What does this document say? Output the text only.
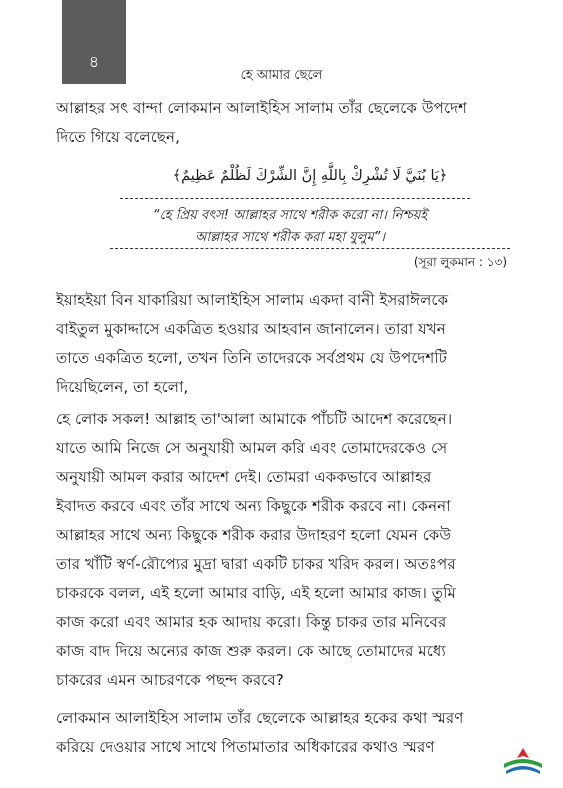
৪
হে আমার ছেলে
আল্লাহর সৎ বান্দা লোকমান আলাইহিস সালাম তাঁর ছেলেকে উপদেশ
দিতে গিয়ে বলেছেন,
﴿يَا بُنَيَّ لَا تُشْرِكْ بِاللَّهِ إِنَّ الشِّرْكَ لَظُلْمٌ عَظِيمٌ﴾
“হে প্রিয় বৎস! আল্লাহর সাথে শরীক করো না। নিশ্চয়ই
আল্লাহর সাথে শরীক করা মহা যুলুম”।
(সূরা লুকমান : ১৩)
ইয়াহইয়া বিন যাকারিয়া আলাইহিস সালাম একদা বানী ইসরাঈলকে
বাইতুল মুকাদ্দাসে একত্রিত হওয়ার আহবান জানালেন। তারা যখন
তাতে একত্রিত হলো, তখন তিনি তাদেরকে সর্বপ্রথম যে উপদেশটি
দিয়েছিলেন, তা হলো,
হে লোক সকল! আল্লাহ তা'আলা আমাকে পাঁচটি আদেশ করেছেন।
যাতে আমি নিজে সে অনুযায়ী আমল করি এবং তোমাদেরকেও সে
অনুযায়ী আমল করার আদেশ দেই। তোমরা এককভাবে আল্লাহর
ইবাদত করবে এবং তাঁর সাথে অন্য কিছুকে শরীক করবে না। কেননা
আল্লাহর সাথে অন্য কিছুকে শরীক করার উদাহরণ হলো যেমন কেউ
তার খাঁটি স্বর্ণ-রৌপ্যের মুদ্রা দ্বারা একটি চাকর খরিদ করল। অতঃপর
চাকরকে বলল, এই হলো আমার বাড়ি, এই হলো আমার কাজ। তুমি
কাজ করো এবং আমার হক আদায় করো। কিন্তু চাকর তার মনিবের
কাজ বাদ দিয়ে অন্যের কাজ শুরু করল। কে আছে তোমাদের মধ্যে
চাকরের এমন আচরণকে পছন্দ করবে?
লোকমান আলাইহিস সালাম তাঁর ছেলেকে আল্লাহর হকের কথা স্মরণ
করিয়ে দেওয়ার সাথে সাথে পিতামাতার অধিকারের কথাও স্মরণ
